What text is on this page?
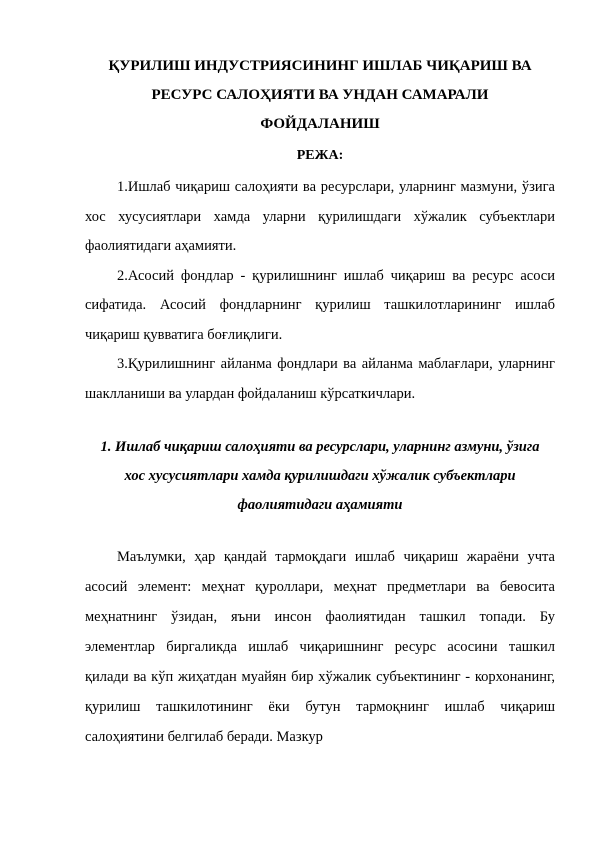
ҚУРИЛИШ ИНДУСТРИЯСИНИНГ ИШЛАБ ЧИҚАРИШ ВА РЕСУРС САЛОҲИЯТИ ВА УНДАН САМАРАЛИ ФОЙДАЛАНИШ
РЕЖА:

1.Ишлаб чиқариш салоҳияти ва ресурслари, уларнинг мазмуни, ўзига хос хусусиятлари хамда уларни қурилишдаги хўжалик субъектлари фаолиятидаги аҳамияти.

2.Асосий фондлар - қурилишнинг ишлаб чиқариш ва ресурс асоси сифатида. Асосий фондларнинг қурилиш ташкилотларининг ишлаб чиқариш қувватига боғлиқлиги.

3.Қурилишнинг айланма фондлари ва айланма маблағлари, уларнинг шаклланиши ва улардан фойдаланиш кўрсаткичлари.

1. Ишлаб чиқариш салоҳияти ва ресурслари, уларнинг азмуни, ўзига хос хусусиятлари хамда қурилишдаги хўжалик субъектлари фаолиятидаги аҳамияти

Маълумки, ҳар қандай тармоқдаги ишлаб чиқариш жараёни учта асосий элемент: меҳнат қуроллари, меҳнат предметлари ва бевосита меҳнатнинг ўзидан, яъни инсон фаолиятидан ташкил топади. Бу элементлар биргаликда ишлаб чиқаришнинг ресурс асосини ташкил қилади ва кўп жиҳатдан муайян бир хўжалик субъектининг - корхонанинг, қурилиш ташкилотининг ёки бутун тармоқнинг ишлаб чиқариш салоҳиятини белгилаб беради. Мазкур
